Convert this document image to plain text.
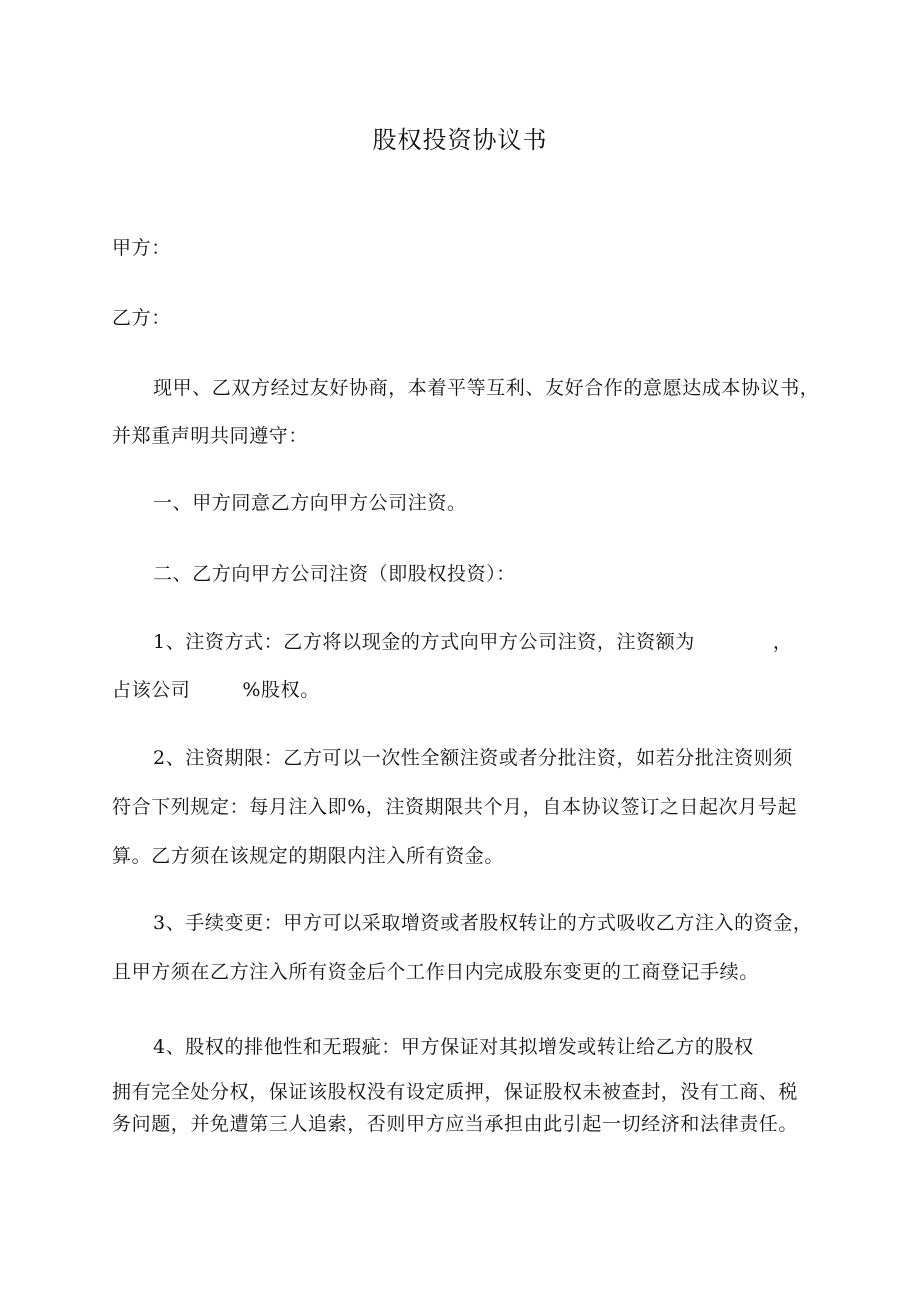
股权投资协议书
甲方：
乙方：
现甲、乙双方经过友好协商，本着平等互利、友好合作的意愿达成本协议书，
并郑重声明共同遵守：
一、甲方同意乙方向甲方公司注资。
二、乙方向甲方公司注资（即股权投资）：
1、注资方式：乙方将以现金的方式向甲方公司注资，注资额为	，
占该公司	%股权。
2、注资期限：乙方可以一次性全额注资或者分批注资，如若分批注资则须
符合下列规定：每月注入即%，注资期限共个月，自本协议签订之日起次月号起
算。乙方须在该规定的期限内注入所有资金。
3、手续变更：甲方可以采取增资或者股权转让的方式吸收乙方注入的资金，
且甲方须在乙方注入所有资金后个工作日内完成股东变更的工商登记手续。
4、股权的排他性和无瑕疵：甲方保证对其拟增发或转让给乙方的股权
拥有完全处分权，保证该股权没有设定质押，保证股权未被查封，没有工商、税
务问题，并免遭第三人追索，否则甲方应当承担由此引起一切经济和法律责任。
